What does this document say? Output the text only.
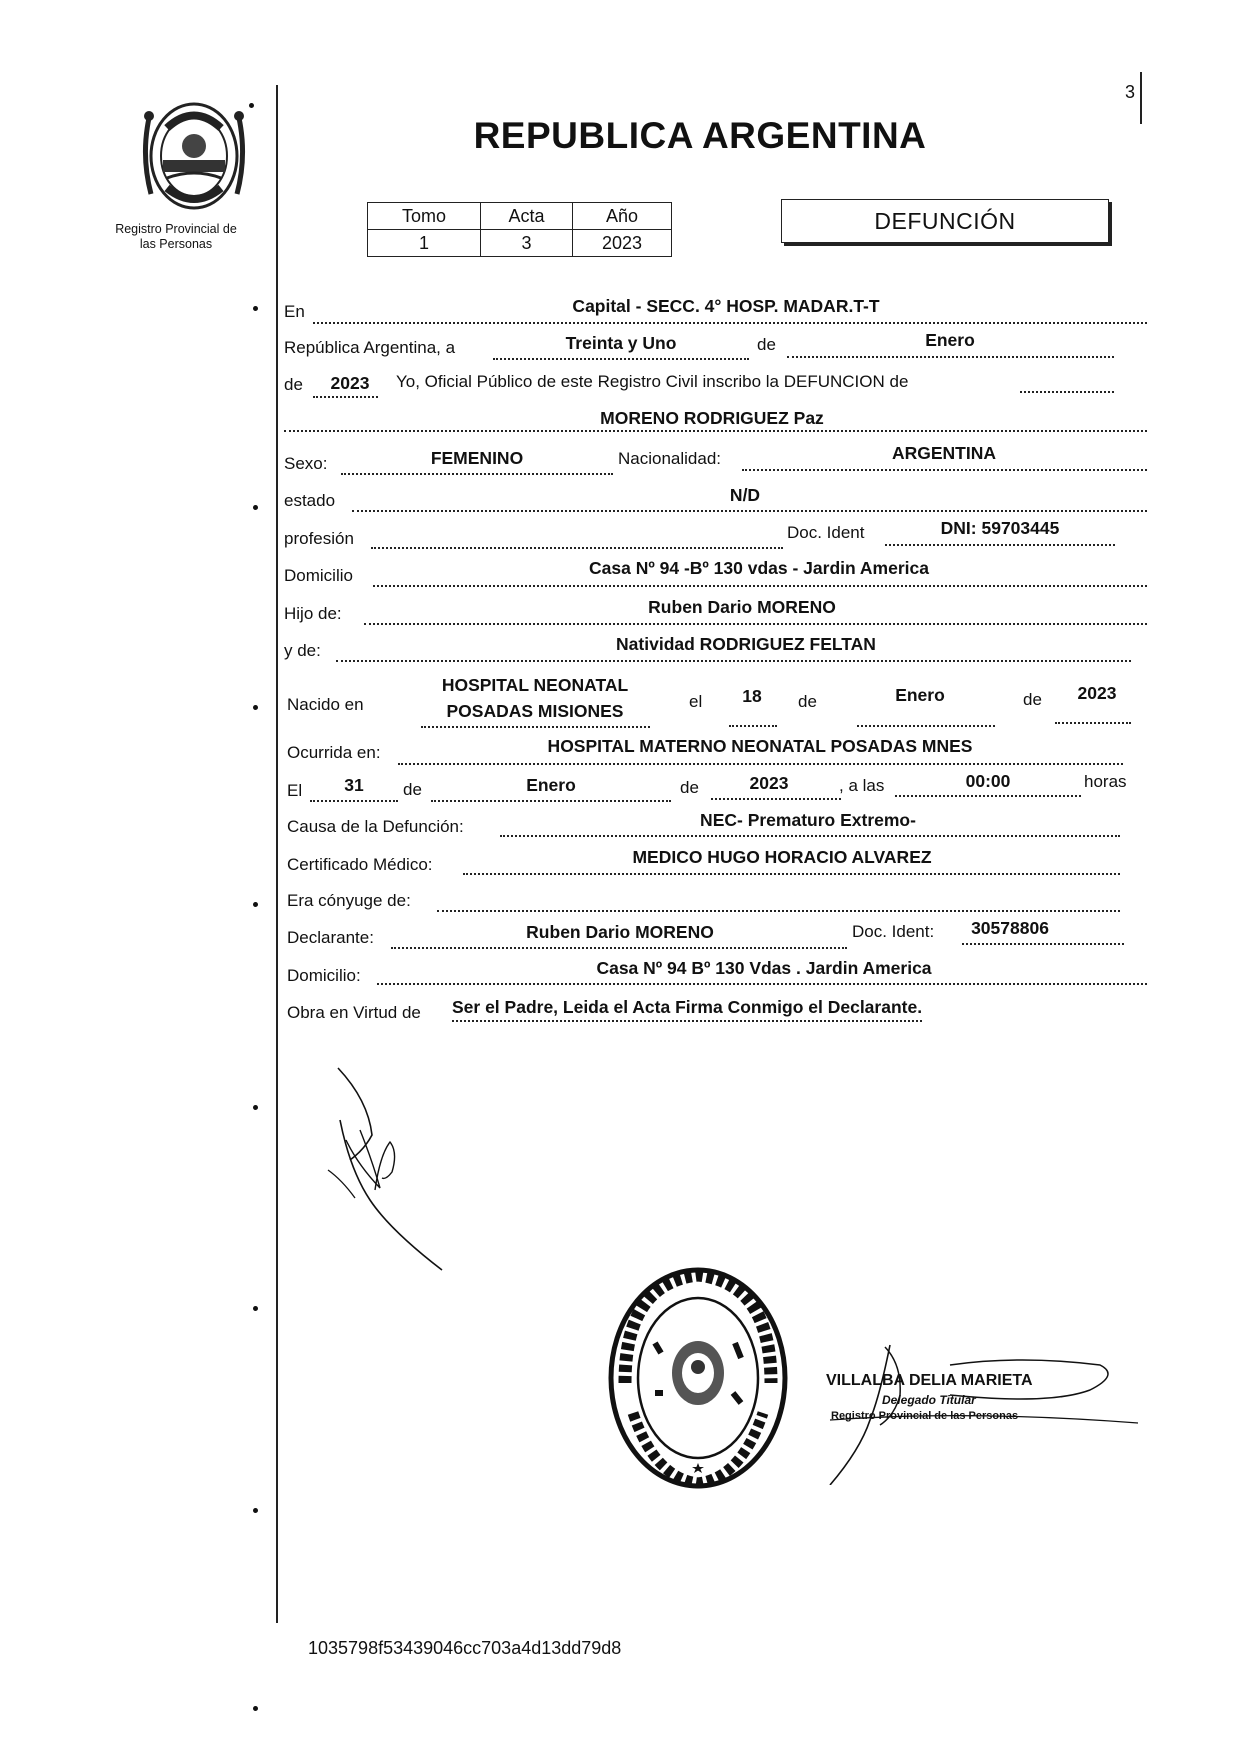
3
Registro Provincial de
las Personas
REPUBLICA ARGENTINA
Tomo	Acta	Año
1	3	2023
DEFUNCIÓN
En	Capital - SECC. 4° HOSP. MADAR.T-T
República Argentina, a	Treinta y Uno	de	Enero
de 2023 Yo, Oficial Público de este Registro Civil inscribo la DEFUNCION de
MORENO RODRIGUEZ Paz
Sexo:	FEMENINO	Nacionalidad:	ARGENTINA
estado	N/D
profesión	Doc. Ident	DNI: 59703445
Domicilio	Casa Nº 94 -Bº 130 vdas - Jardin America
Hijo de:	Ruben Dario MORENO
y de:	Natividad RODRIGUEZ FELTAN
Nacido en
HOSPITAL NEONATAL
POSADAS MISIONES	el 18 de	Enero	de 2023
Ocurrida en:	HOSPITAL MATERNO NEONATAL POSADAS MNES
El 31 de	Enero	de	2023	, a las	00:00	horas
Causa de la Defunción:	NEC- Prematuro Extremo-
Certificado Médico:	MEDICO HUGO HORACIO ALVAREZ
Era cónyuge de:
Declarante:	Ruben Dario MORENO	Doc. Ident: 30578806
Domicilio:	Casa Nº 94 Bº 130 Vdas . Jardin America
Obra en Virtud de Ser el Padre, Leida el Acta Firma Conmigo el Declarante.
VILLALBA DELIA MARIETA
Delegado Titular
Registro Provincial de las Personas
1035798f53439046cc703a4d13dd79d8
